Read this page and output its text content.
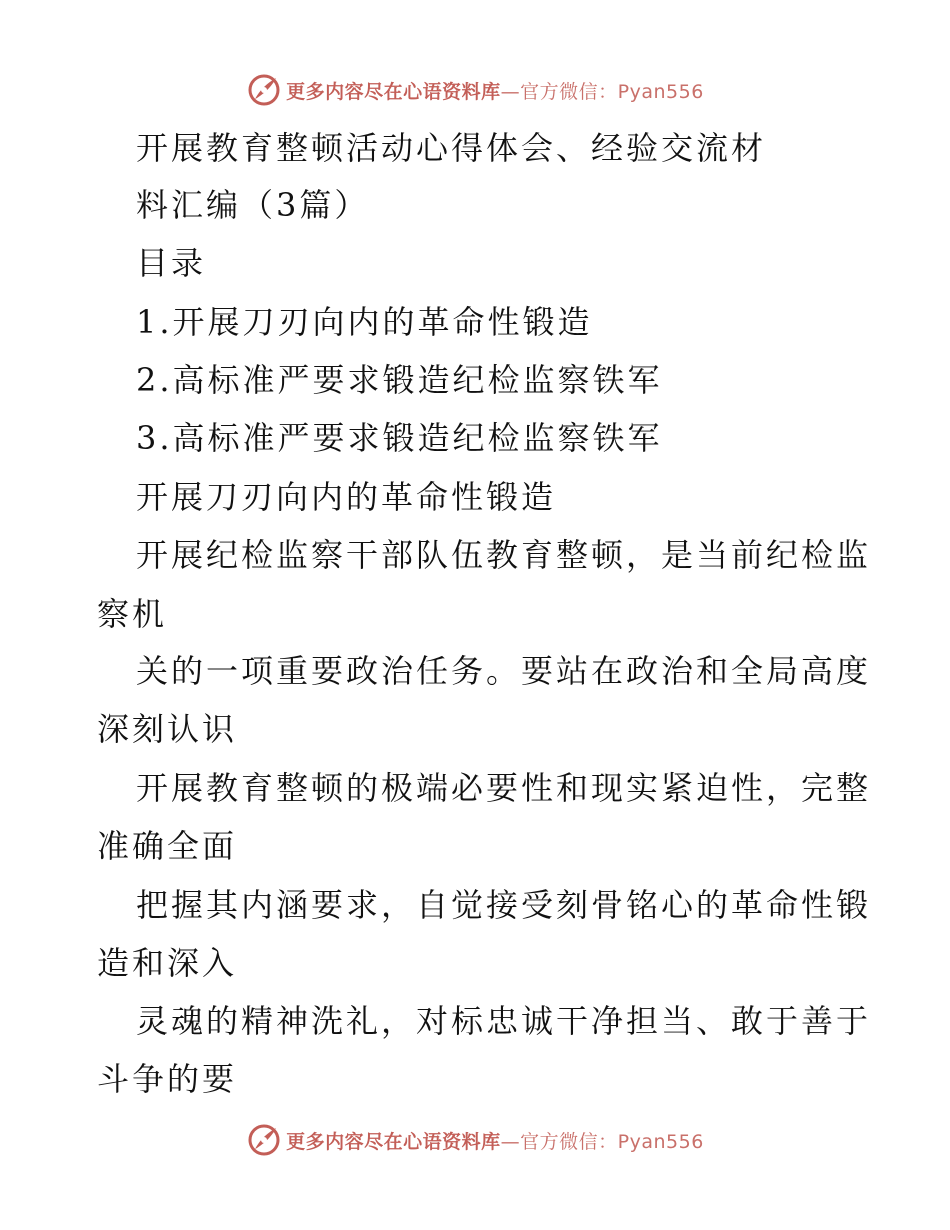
更多内容尽在心语资料库—官方微信：Pyan556
开展教育整顿活动心得体会、经验交流材
料汇编（3篇）
目录
1.开展刀刃向内的革命性锻造
2.高标准严要求锻造纪检监察铁军
3.高标准严要求锻造纪检监察铁军
开展刀刃向内的革命性锻造
开展纪检监察干部队伍教育整顿，是当前纪检监
察机
关的一项重要政治任务。要站在政治和全局高度
深刻认识
开展教育整顿的极端必要性和现实紧迫性，完整
准确全面
把握其内涵要求，自觉接受刻骨铭心的革命性锻
造和深入
灵魂的精神洗礼，对标忠诚干净担当、敢于善于
斗争的要
更多内容尽在心语资料库—官方微信：Pyan556
